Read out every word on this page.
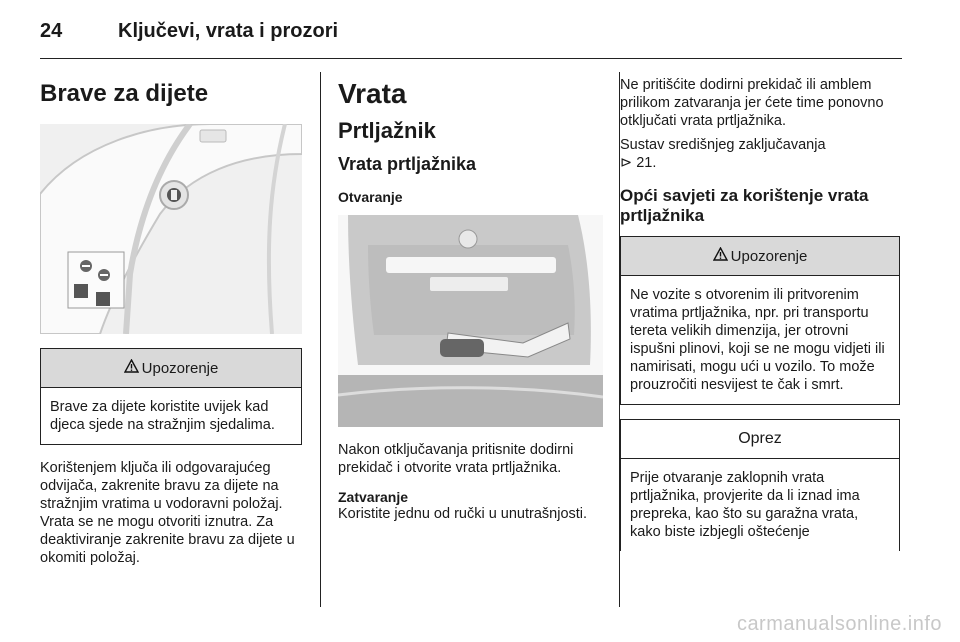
24	Ključevi, vrata i prozori
Brave za dijete
Upozorenje
Brave za dijete koristite uvijek kad djeca sjede na stražnjim sjedalima.

Korištenjem ključa ili odgovarajućeg odvijača, zakrenite bravu za dijete na stražnjim vratima u vodoravni položaj. Vrata se ne mogu otvoriti iznutra. Za deaktiviranje zakrenite bravu za dijete u okomiti položaj.

Vrata
Prtljažnik
Vrata prtljažnika
Otvaranje

Nakon otključavanja pritisnite dodirni prekidač i otvorite vrata prtljažnika.

Zatvaranje

Koristite jednu od ručki u unutrašnjosti.

Ne pritišćite dodirni prekidač ili amblem prilikom zatvaranja jer ćete time ponovno otključati vrata prtljažnika.

Sustav središnjeg zaključavanja
⊳ 21.

Opći savjeti za korištenje vrata prtljažnika
Upozorenje
Ne vozite s otvorenim ili pritvorenim vratima prtljažnika, npr. pri transportu tereta velikih dimenzija, jer otrovni ispušni plinovi, koji se ne mogu vidjeti ili namirisati, mogu ući u vozilo. To može prouzročiti nesvijest te čak i smrt.
Oprez
Prije otvaranje zaklopnih vrata prtljažnika, provjerite da li iznad ima prepreka, kao što su garažna vrata, kako biste izbjegli oštećenje
carmanualsonline.info
